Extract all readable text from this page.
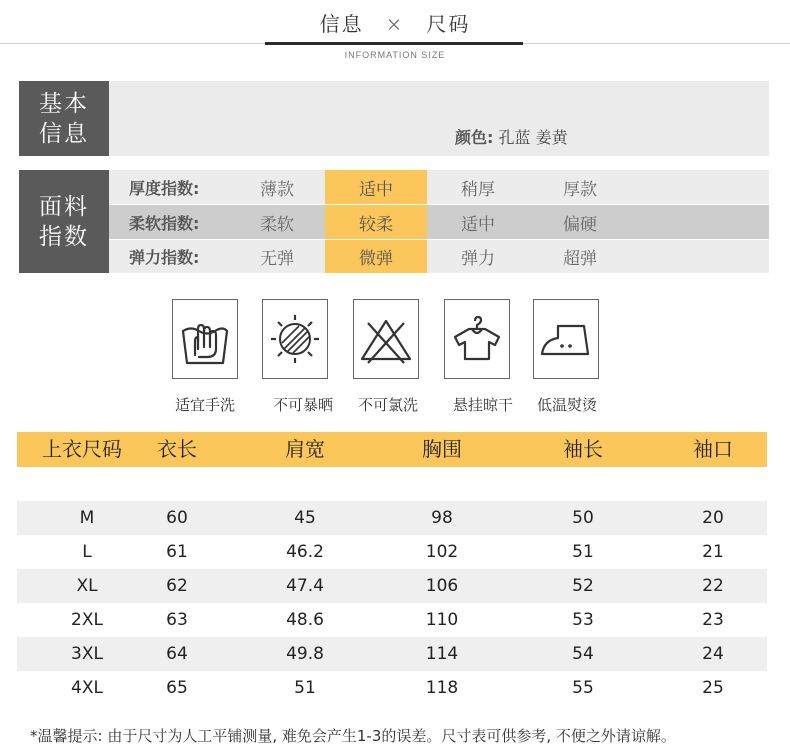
信息 × 尺码
INFORMATION SIZE
基本
信息	颜色: 孔蓝 姜黄
面料
指数
厚度指数:	薄款	适中	稍厚	厚款
柔软指数:	柔软	较柔	适中	偏硬
弹力指数:	无弹	微弹	弹力	超弹
适宜手洗	不可暴晒	不可氯洗	悬挂晾干	低温熨烫
上衣尺码	衣长	肩宽	胸围	袖长	袖口
M	60	45	98	50	20
L	61	46.2	102	51	21
XL	62	47.4	106	52	22
2XL	63	48.6	110	53	23
3XL	64	49.8	114	54	24
4XL	65	51	118	55	25
*温馨提示: 由于尺寸为人工平铺测量, 难免会产生1-3的误差。尺寸表可供参考, 不便之外请谅解。
